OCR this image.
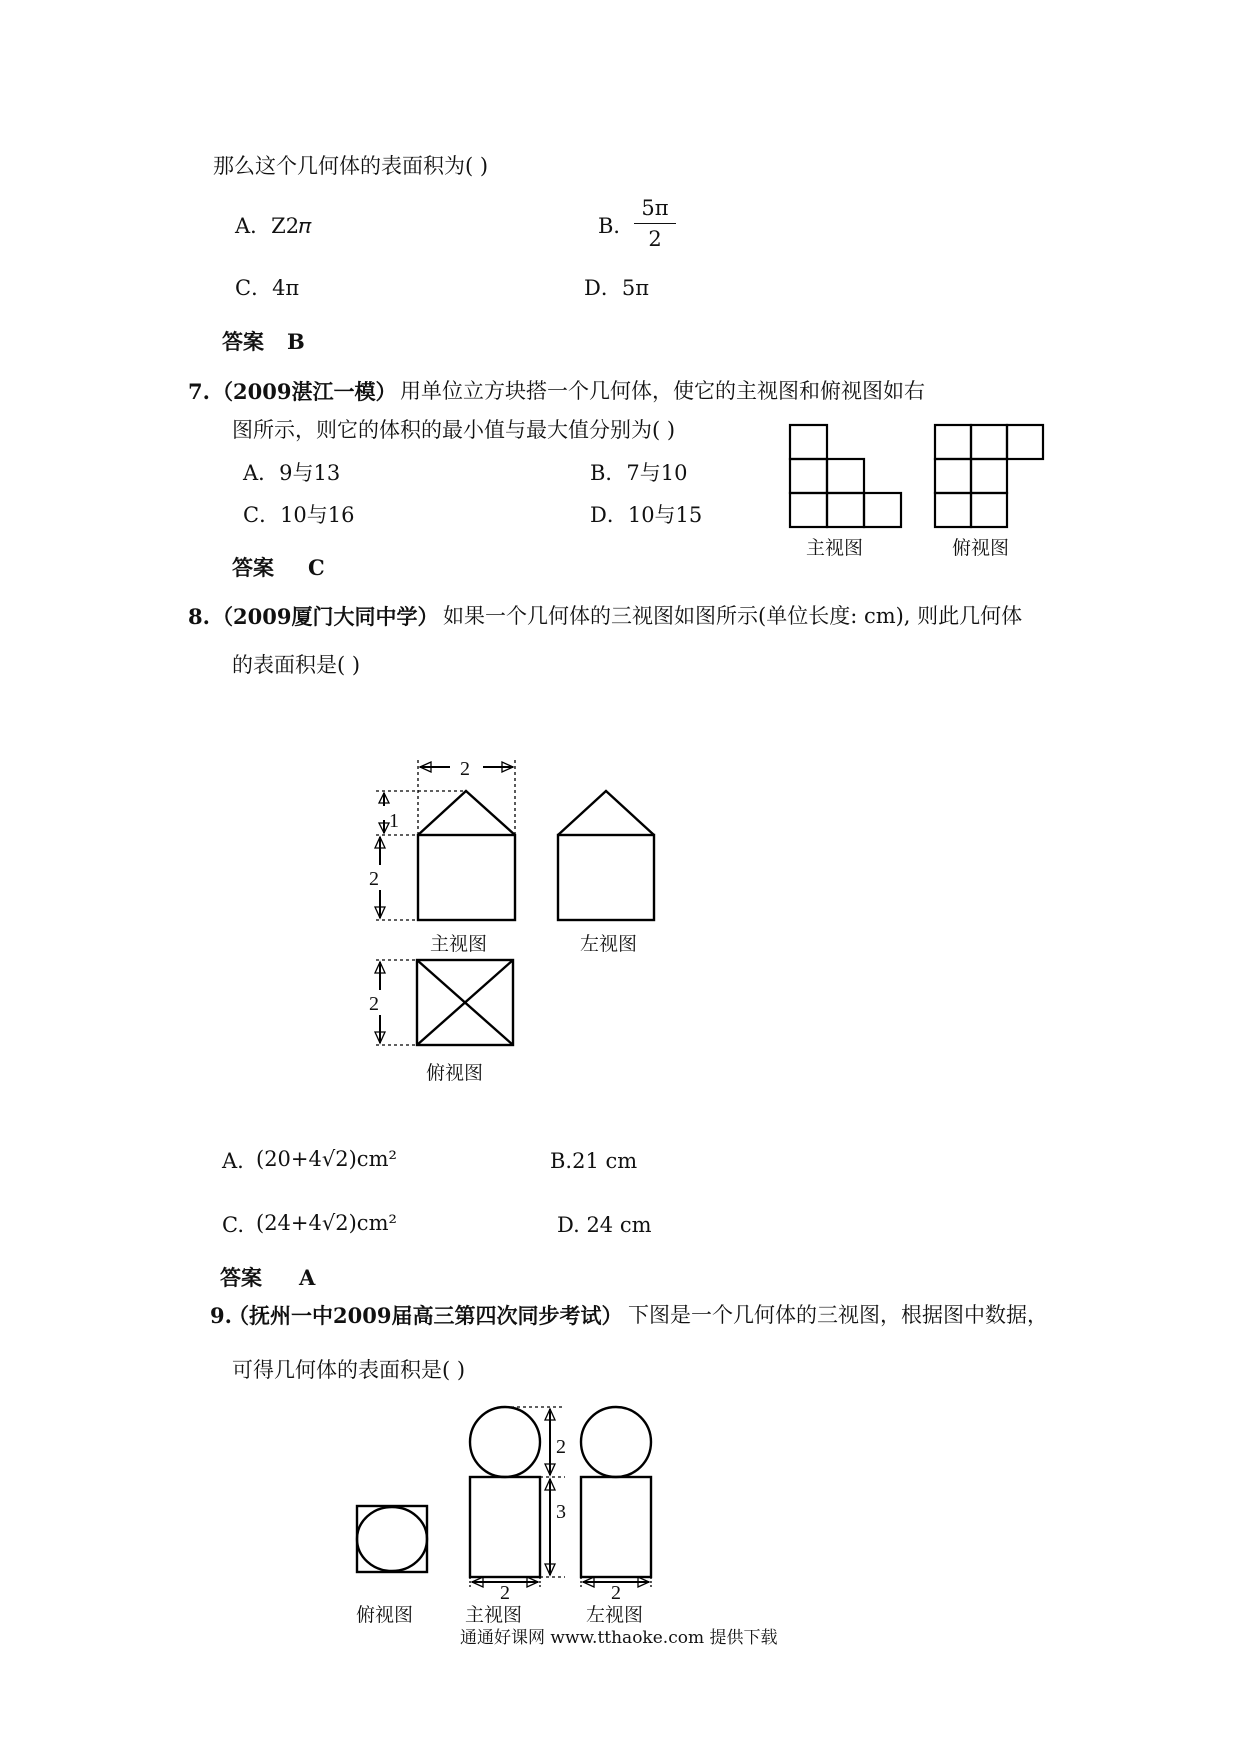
那么这个几何体的表面积为( )
A．Ζ2𝜋	B．
5π
2
C．4π	D．5π
答案 B
7. （2009湛江一模） 用单位立方块搭一个几何体，使它的主视图和俯视图如右
图所示，则它的体积的最小值与最大值分别为( )
A．9与13	B．7与10
C．10与16	D．10与15
答案 C
主视图	俯视图
8. （2009厦门大同中学） 如果一个几何体的三视图如图所示(单位长度: cm), 则此几何体
的表面积是( )
2
1
2
2
主视图	左视图
俯视图
A. (20+4√2)cm²	B.21 cm
C. (24+4√2)cm²	D. 24 cm
答案 A
9.
（抚州一中2009届高三第四次同步考试） 下图是一个几何体的三视图，根据图中数据，
可得几何体的表面积是( )
2
3
2	2
俯视图	主视图	左视图
通通好课网 www.tthaoke.com 提供下载
